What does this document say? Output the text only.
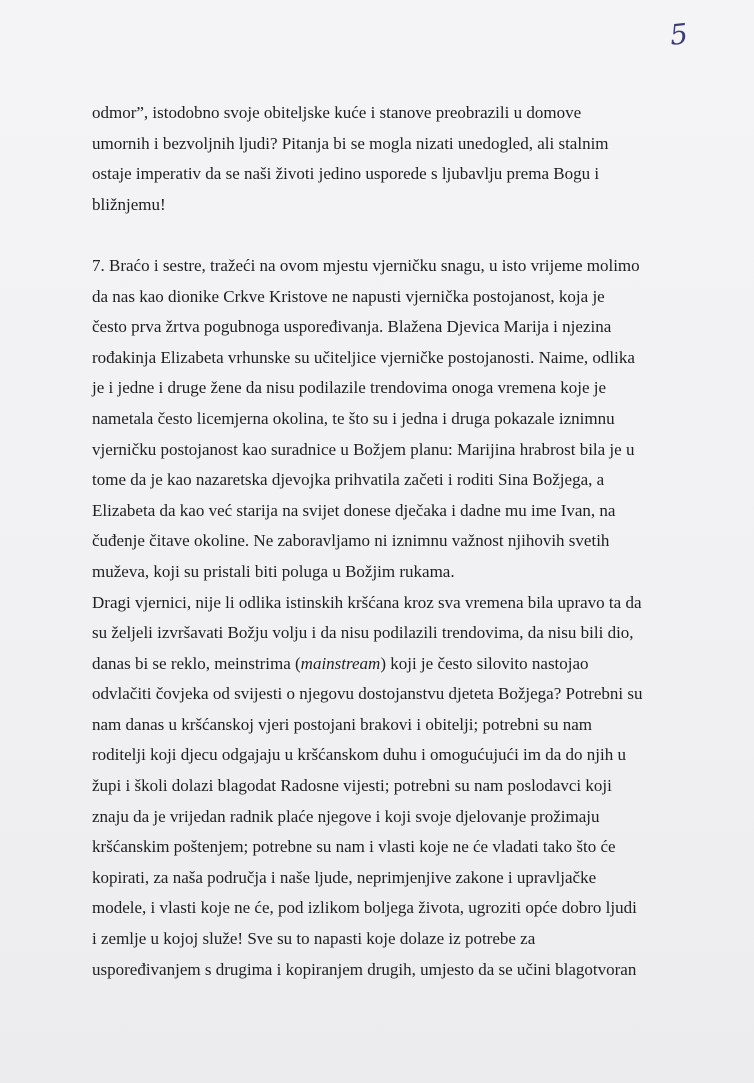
5
odmor”, istodobno svoje obiteljske kuće i stanove preobrazili u domove
umornih i bezvoljnih ljudi? Pitanja bi se mogla nizati unedogled, ali stalnim
ostaje imperativ da se naši životi jedino usporede s ljubavlju prema Bogu i
bližnjemu!
7. Braćo i sestre, tražeći na ovom mjestu vjerničku snagu, u isto vrijeme molimo
da nas kao dionike Crkve Kristove ne napusti vjernička postojanost, koja je
često prva žrtva pogubnoga uspoređivanja. Blažena Djevica Marija i njezina
rođakinja Elizabeta vrhunske su učiteljice vjerničke postojanosti. Naime, odlika
je i jedne i druge žene da nisu podilazile trendovima onoga vremena koje je
nametala često licemjerna okolina, te što su i jedna i druga pokazale iznimnu
vjerničku postojanost kao suradnice u Božjem planu: Marijina hrabrost bila je u
tome da je kao nazaretska djevojka prihvatila začeti i roditi Sina Božjega, a
Elizabeta da kao već starija na svijet donese dječaka i dadne mu ime Ivan, na
čuđenje čitave okoline. Ne zaboravljamo ni iznimnu važnost njihovih svetih
muževa, koji su pristali biti poluga u Božjim rukama.
Dragi vjernici, nije li odlika istinskih kršćana kroz sva vremena bila upravo ta da
su željeli izvršavati Božju volju i da nisu podilazili trendovima, da nisu bili dio,
danas bi se reklo, meinstrima (mainstream) koji je često silovito nastojao
odvlačiti čovjeka od svijesti o njegovu dostojanstvu djeteta Božjega? Potrebni su
nam danas u kršćanskoj vjeri postojani brakovi i obitelji; potrebni su nam
roditelji koji djecu odgajaju u kršćanskom duhu i omogućujući im da do njih u
župi i školi dolazi blagodat Radosne vijesti; potrebni su nam poslodavci koji
znaju da je vrijedan radnik plaće njegove i koji svoje djelovanje prožimaju
kršćanskim poštenjem; potrebne su nam i vlasti koje ne će vladati tako što će
kopirati, za naša područja i naše ljude, neprimjenjive zakone i upravljačke
modele, i vlasti koje ne će, pod izlikom boljega života, ugroziti opće dobro ljudi
i zemlje u kojoj služe! Sve su to napasti koje dolaze iz potrebe za
uspoređivanjem s drugima i kopiranjem drugih, umjesto da se učini blagotvoran
